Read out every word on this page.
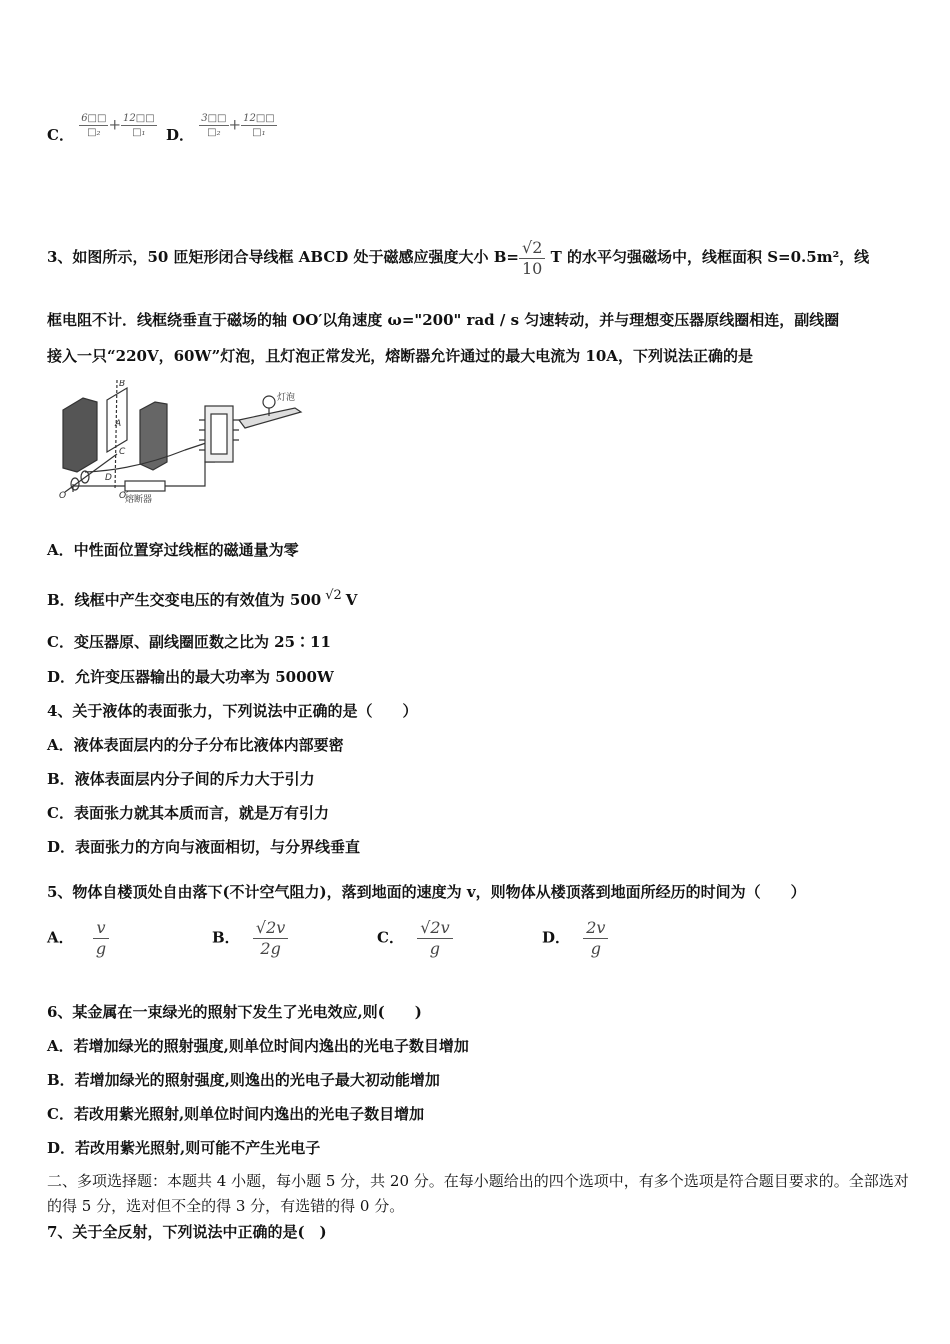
C．
6□□
□₂ + 12□□
□₁	D．
3□□
□₂ + 12□□
□₁
3、如图所示，50 匝矩形闭合导线框 ABCD 处于磁感应强度大小 $B= \frac{√2}{10}$ T 的水平匀强磁场中，线框面积 S=0.5m²，线
框电阻不计．线框绕垂直于磁场的轴 OO′以角速度 ω="200" rad / s 匀速转动，并与理想变压器原线圈相连，副线圈
接入一只“220V，60W”灯泡，且灯泡正常发光，熔断器允许通过的最大电流为 10A，下列说法正确的是
A
B
C
D
O	O′
灯泡
熔断器
A．中性面位置穿过线框的磁通量为零
B．线框中产生交变电压的有效值为 500 $^{√2}$ V
C．变压器原、副线圈匝数之比为 25∶11
D．允许变压器输出的最大功率为 5000W
4、关于液体的表面张力，下列说法中正确的是（　　）
A．液体表面层内的分子分布比液体内部要密
B．液体表面层内分子间的斥力大于引力
C．表面张力就其本质而言，就是万有引力
D．表面张力的方向与液面相切，与分界线垂直
5、物体自楼顶处自由落下(不计空气阻力)，落到地面的速度为 v，则物体从楼顶落到地面所经历的时间为（　　）
A． $\frac{v}{g}$	B． $\frac{√2v}{2g}$	C． $\frac{√2v}{g}$	D． $\frac{2v}{g}$
6、某金属在一束绿光的照射下发生了光电效应,则(　　)
A．若增加绿光的照射强度,则单位时间内逸出的光电子数目增加
B．若增加绿光的照射强度,则逸出的光电子最大初动能增加
C．若改用紫光照射,则单位时间内逸出的光电子数目增加
D．若改用紫光照射,则可能不产生光电子
二、多项选择题：本题共 4 小题，每小题 5 分，共 20 分。在每小题给出的四个选项中，有多个选项是符合题目要求的。全部选对的得 5 分，选对但不全的得 3 分，有选错的得 0 分。
7、关于全反射，下列说法中正确的是(　)
